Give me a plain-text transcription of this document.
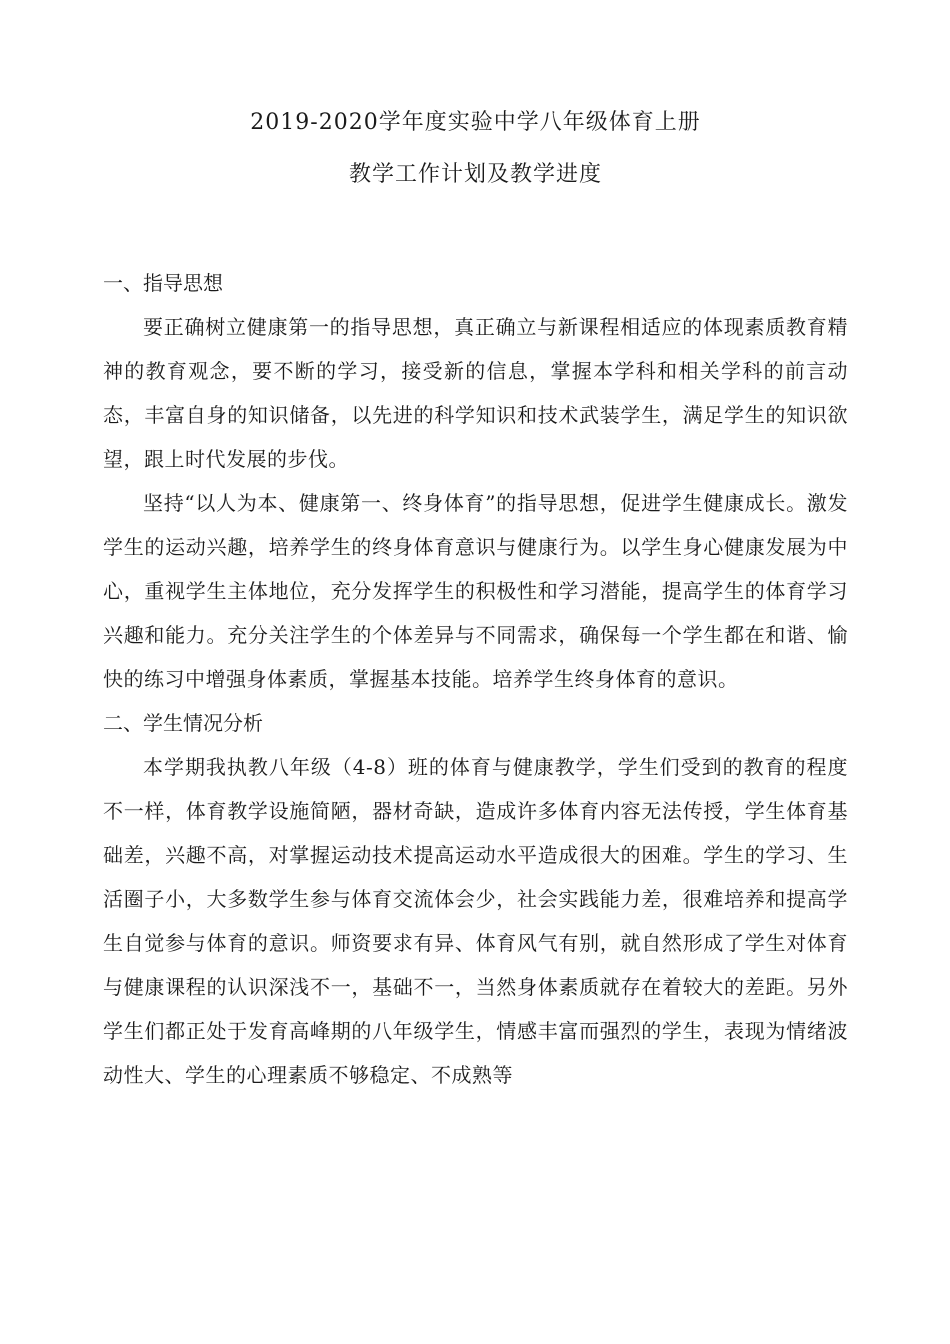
2019-2020学年度实验中学八年级体育上册

教学工作计划及教学进度

一、指导思想

要正确树立健康第一的指导思想，真正确立与新课程相适应的体现素质教育精神的教育观念，要不断的学习，接受新的信息，掌握本学科和相关学科的前言动态，丰富自身的知识储备，以先进的科学知识和技术武装学生，满足学生的知识欲望，跟上时代发展的步伐。

坚持“以人为本、健康第一、终身体育”的指导思想，促进学生健康成长。激发学生的运动兴趣，培养学生的终身体育意识与健康行为。以学生身心健康发展为中心，重视学生主体地位，充分发挥学生的积极性和学习潜能，提高学生的体育学习兴趣和能力。充分关注学生的个体差异与不同需求，确保每一个学生都在和谐、愉快的练习中增强身体素质，掌握基本技能。培养学生终身体育的意识。

二、学生情况分析

本学期我执教八年级（4-8）班的体育与健康教学，学生们受到的教育的程度不一样，体育教学设施简陋，器材奇缺，造成许多体育内容无法传授，学生体育基础差，兴趣不高，对掌握运动技术提高运动水平造成很大的困难。学生的学习、生活圈子小，大多数学生参与体育交流体会少，社会实践能力差，很难培养和提高学生自觉参与体育的意识。师资要求有异、体育风气有别，就自然形成了学生对体育与健康课程的认识深浅不一，基础不一，当然身体素质就存在着较大的差距。另外学生们都正处于发育高峰期的八年级学生，情感丰富而强烈的学生，表现为情绪波动性大、学生的心理素质不够稳定、不成熟等
